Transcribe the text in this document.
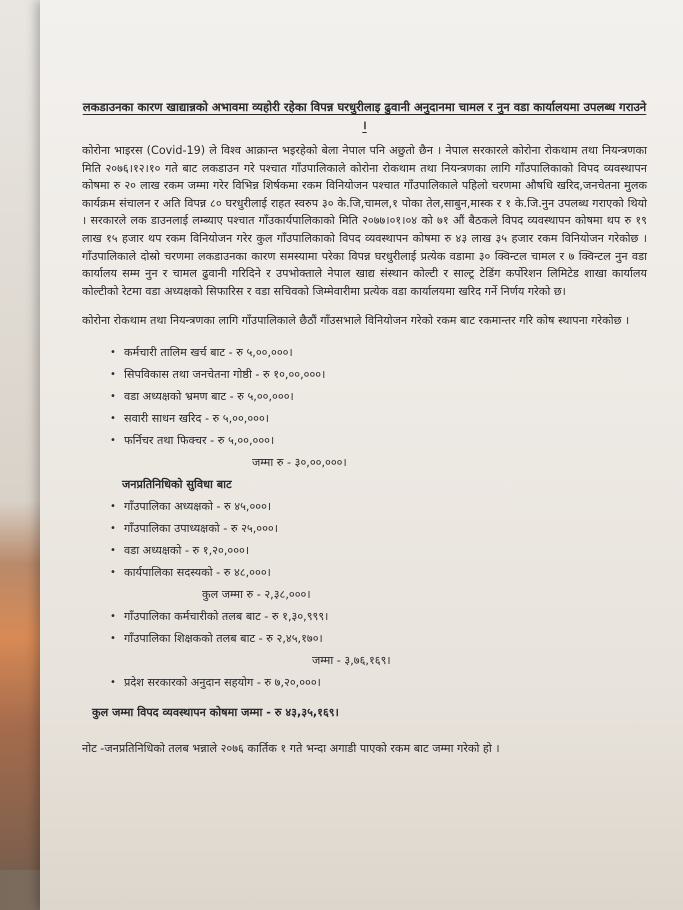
लकडाउनका कारण खाद्यान्नको अभावमा व्यहोरी रहेका विपन्न घरधुरीलाइ ढुवानी अनुदानमा चामल र नुन वडा कार्यालयमा उपलब्ध गराउने ।

कोरोना भाइरस (Covid-19) ले विश्व आक्रान्त भइरहेको बेला नेपाल पनि अछुतो छैन । नेपाल सरकारले कोरोना रोकथाम तथा नियन्त्रणका मिति २०७६।१२।१० गते बाट लकडाउन गरे पश्चात गाँउपालिकाले कोरोना रोकथाम तथा नियन्त्रणका लागि गाँउपालिकाको विपद व्यवस्थापन कोषमा रु २० लाख रकम जम्मा गरेर विभिन्न शिर्षकमा रकम विनियोजन पश्चात गाँउपालिकाले पहिलो चरणमा औषधि खरिद,जनचेतना मुलक कार्यक्रम संचालन र अति विपन्न ८० घरधुरीलाई राहत स्वरुप ३० के.जि,चामल,१ पोका तेल,साबुन,मास्क र १ के.जि.नुन उपलब्ध गराएको थियो । सरकारले लक डाउनलाई लम्ब्याए पश्चात गाँउकार्यपालिकाको मिति २०७७।०१।०४ को ७१ औं बैठकले विपद व्यवस्थापन कोषमा थप रु १९ लाख १५ हजार थप रकम विनियोजन गरेर कुल गाँउपालिकाको विपद व्यवस्थापन कोषमा रु ४३ लाख ३५ हजार रकम विनियोजन गरेकोछ । गाँउपालिकाले दोस्रो चरणमा लकडाउनका कारण समस्यामा परेका विपन्न घरधुरीलाई प्रत्येक वडामा ३० क्विन्टल चामल र ७ क्विन्टल नुन वडा कार्यालय सम्म नुन र चामल ढुवानी गरिदिने र उपभोक्ताले नेपाल खाद्य संस्थान कोल्टी र साल्ट्र टेडिंग कर्पोरेशन लिमिटेड शाखा कार्यालय कोल्टीको रेटमा वडा अध्यक्षको सिफारिस र वडा सचिवको जिम्मेवारीमा प्रत्येक वडा कार्यालयमा खरिद गर्ने निर्णय गरेको छ।

कोरोना रोकथाम तथा नियन्त्रणका लागि गाँउपालिकाले छैठौं गाँउसभाले विनियोजन गरेको रकम बाट रकमान्तर गरि कोष स्थापना गरेकोछ ।

• कर्मचारी तालिम खर्च बाट - रु ५,००,०००।
• सिपविकास तथा जनचेतना गोष्ठी - रु १०,००,०००।
• वडा अध्यक्षको भ्रमण बाट - रु ५,००,०००।
• सवारी साधन खरिद - रु ५,००,०००।
• फर्निचर तथा फिक्चर - रु ५,००,०००।
जम्मा रु - ३०,००,०००।
जनप्रतिनिधिको सुविधा बाट
• गाँउपालिका अध्यक्षको - रु ४५,०००।
• गाँउपालिका उपाध्यक्षको - रु २५,०००।
• वडा अध्यक्षको - रु १,२०,०००।
• कार्यपालिका सदस्यको - रु ४८,०००।
कुल जम्मा रु - २,३८,०००।
• गाँउपालिका कर्मचारीको तलब बाट - रु १,३०,९९९।
• गाँउपालिका शिक्षकको तलब बाट - रु २,४५,१७०।
जम्मा - ३,७६,१६९।
• प्रदेश सरकारको अनुदान सहयोग - रु ७,२०,०००।
कुल जम्मा विपद व्यवस्थापन कोषमा जम्मा - रु ४३,३५,१६९।

नोट -जनप्रतिनिधिको तलब भन्नाले २०७६ कार्तिक १ गते भन्दा अगाडी पाएको रकम बाट जम्मा गरेको हो ।
